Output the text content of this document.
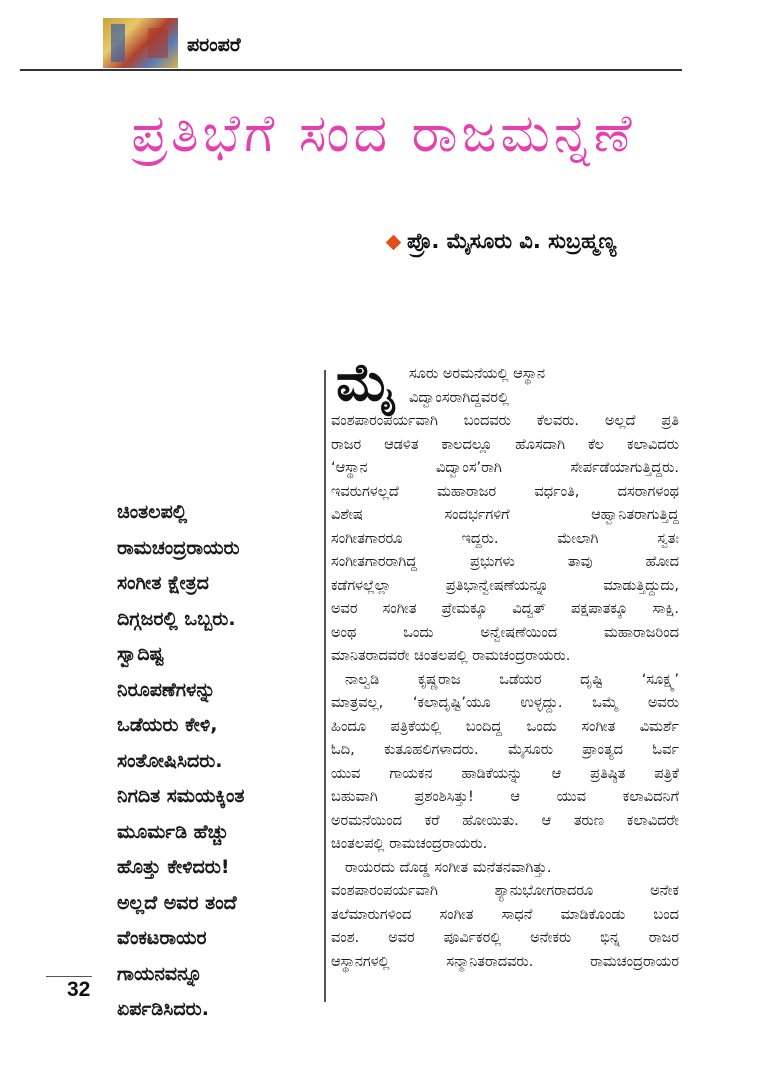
ಪರಂಪರೆ
ಪ್ರತಿಭೆಗೆ ಸಂದ ರಾಜಮನ್ನಣೆ
ಪ್ರೊ. ಮೈಸೂರು ವಿ. ಸುಬ್ರಹ್ಮಣ್ಯ
ಚಿಂತಲಪಲ್ಲಿ
ರಾಮಚಂದ್ರರಾಯರು
ಸಂಗೀತ ಕ್ಷೇತ್ರದ
ದಿಗ್ಗಜರಲ್ಲಿ ಒಬ್ಬರು.
ಸ್ವಾದಿಷ್ಟ
ನಿರೂಪಣೆಗಳನ್ನು
ಒಡೆಯರು ಕೇಳಿ,
ಸಂತೋಷಿಸಿದರು.
ನಿಗದಿತ ಸಮಯಕ್ಕಿಂತ
ಮೂರ್ಮಡಿ ಹೆಚ್ಚು
ಹೊತ್ತು ಕೇಳಿದರು!
ಅಲ್ಲದೆ ಅವರ ತಂದೆ
ವೆಂಕಟರಾಯರ
ಗಾಯನವನ್ನೂ
ಏರ್ಪಡಿಸಿದರು.
ಮೈ ಸೂರು ಅರಮನೆಯಲ್ಲಿ ಆಸ್ಥಾನ
ವಿದ್ವಾಂಸರಾಗಿದ್ದವರಲ್ಲಿ
ವಂಶಪಾರಂಪರ್ಯವಾಗಿ ಬಂದವರು ಕೆಲವರು. ಅಲ್ಲದೆ ಪ್ರತಿ
ರಾಜರ ಆಡಳಿತ ಕಾಲದಲ್ಲೂ ಹೊಸದಾಗಿ ಕೆಲ ಕಲಾವಿದರು
‘ಆಸ್ಥಾನ ವಿದ್ವಾಂಸ’ರಾಗಿ ಸೇರ್ಪಡೆಯಾಗುತ್ತಿದ್ದರು.
ಇವರುಗಳಲ್ಲದೆ ಮಹಾರಾಜರ ವರ್ಧಂತಿ, ದಸರಾಗಳಂಥ
ವಿಶೇಷ ಸಂದರ್ಭಗಳಿಗೆ ಆಹ್ವಾನಿತರಾಗುತ್ತಿದ್ದ
ಸಂಗೀತಗಾರರೂ ಇದ್ದರು. ಮೇಲಾಗಿ ಸ್ವತಃ
ಸಂಗೀತಗಾರರಾಗಿದ್ದ ಪ್ರಭುಗಳು ತಾವು ಹೋದ
ಕಡೆಗಳಲ್ಲೆಲ್ಲಾ ಪ್ರತಿಭಾನ್ವೇಷಣೆಯನ್ನೂ ಮಾಡುತ್ತಿದ್ದುದು,
ಅವರ ಸಂಗೀತ ಪ್ರೇಮಕ್ಕೂ ವಿದ್ವತ್ ಪಕ್ಷಪಾತಕ್ಕೂ ಸಾಕ್ಷಿ.
ಅಂಥ ಒಂದು ಅನ್ವೇಷಣೆಯಿಂದ ಮಹಾರಾಜರಿಂದ
ಮಾನಿತರಾದವರೇ ಚಿಂತಲಪಲ್ಲಿ ರಾಮಚಂದ್ರರಾಯರು.
ನಾಲ್ವಡಿ ಕೃಷ್ಣರಾಜ ಒಡೆಯರ ದೃಷ್ಟಿ ‘ಸೂಕ್ಷ್ಮ’
ಮಾತ್ರವಲ್ಲ, ‘ಕಲಾದೃಷ್ಟಿ’ಯೂ ಉಳ್ಳದ್ದು. ಒಮ್ಮೆ ಅವರು
ಹಿಂದೂ ಪತ್ರಿಕೆಯಲ್ಲಿ ಬಂದಿದ್ದ ಒಂದು ಸಂಗೀತ ವಿಮರ್ಶೆ
ಓದಿ, ಕುತೂಹಲಿಗಳಾದರು. ಮೈಸೂರು ಪ್ರಾಂತ್ಯದ ಓರ್ವ
ಯುವ ಗಾಯಕನ ಹಾಡಿಕೆಯನ್ನು ಆ ಪ್ರತಿಷ್ಠಿತ ಪತ್ರಿಕೆ
ಬಹುವಾಗಿ ಪ್ರಶಂಶಿಸಿತ್ತು! ಆ ಯುವ ಕಲಾವಿದನಿಗೆ
ಅರಮನೆಯಿಂದ ಕರೆ ಹೋಯಿತು. ಆ ತರುಣ ಕಲಾವಿದರೇ
ಚಿಂತಲಪಲ್ಲಿ ರಾಮಚಂದ್ರರಾಯರು.
ರಾಯರದು ದೊಡ್ಡ ಸಂಗೀತ ಮನೆತನವಾಗಿತ್ತು.
ವಂಶಪಾರಂಪರ್ಯವಾಗಿ ಶ್ಯಾನುಭೋಗರಾದರೂ ಅನೇಕ
ತಲೆಮಾರುಗಳಿಂದ ಸಂಗೀತ ಸಾಧನೆ ಮಾಡಿಕೊಂಡು ಬಂದ
ವಂಶ. ಅವರ ಪೂರ್ವಿಕರಲ್ಲಿ ಅನೇಕರು ಭಿನ್ನ ರಾಜರ
ಆಸ್ಥಾನಗಳಲ್ಲಿ ಸನ್ಮಾನಿತರಾದವರು. ರಾಮಚಂದ್ರರಾಯರ
32
